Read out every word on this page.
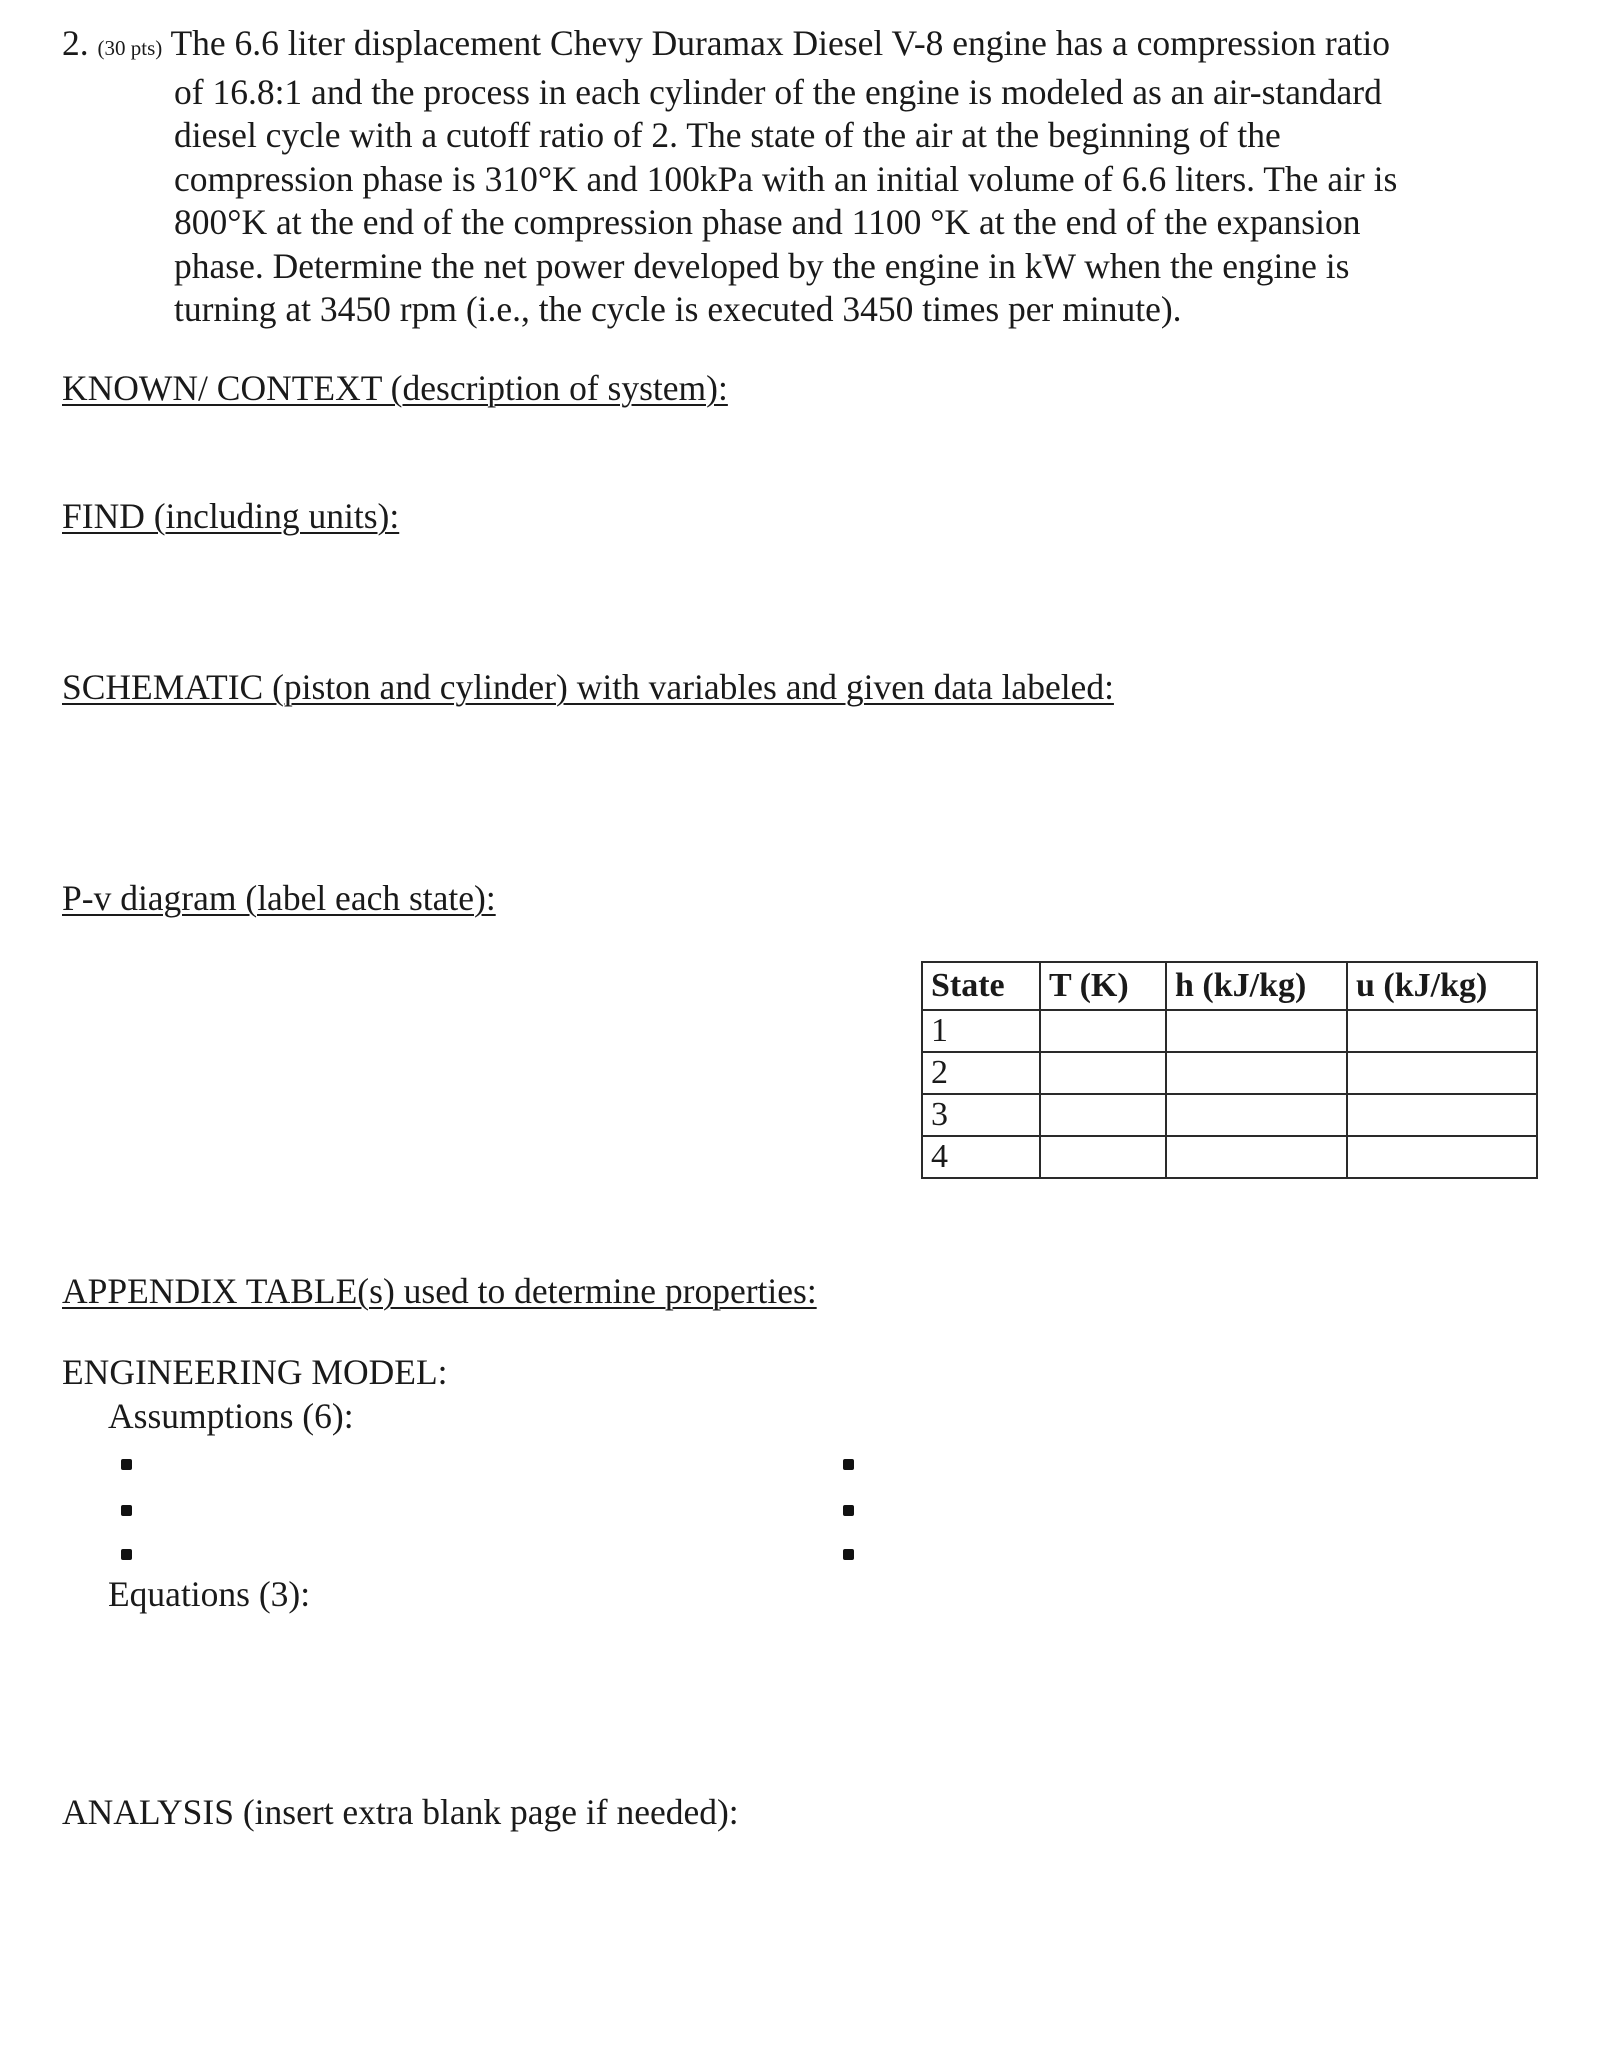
2. (30 pts) The 6.6 liter displacement Chevy Duramax Diesel V-8 engine has a compression ratio
of 16.8:1 and the process in each cylinder of the engine is modeled as an air-standard
diesel cycle with a cutoff ratio of 2. The state of the air at the beginning of the
compression phase is 310°K and 100kPa with an initial volume of 6.6 liters. The air is
800°K at the end of the compression phase and 1100 °K at the end of the expansion
phase. Determine the net power developed by the engine in kW when the engine is
turning at 3450 rpm (i.e., the cycle is executed 3450 times per minute).
KNOWN/ CONTEXT (description of system):
FIND (including units):
SCHEMATIC (piston and cylinder) with variables and given data labeled:
P-v diagram (label each state):
State	T (K)	h (kJ/kg)	u (kJ/kg)
1			
2			
3			
4			
APPENDIX TABLE(s) used to determine properties:
ENGINEERING MODEL:
Assumptions (6):
Equations (3):
ANALYSIS (insert extra blank page if needed):
